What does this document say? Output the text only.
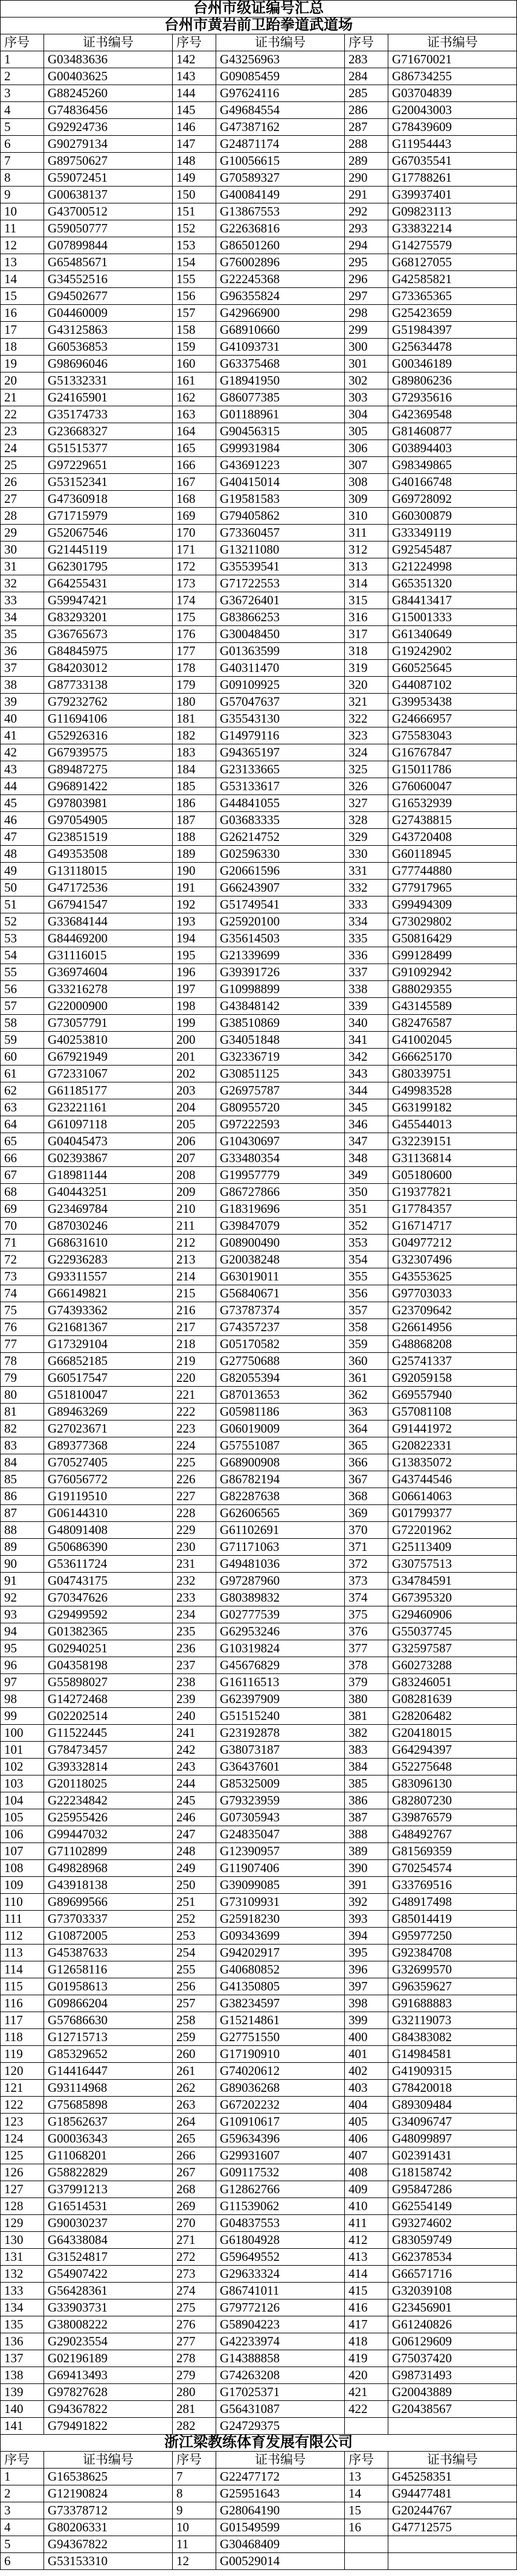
台州市级证编号汇总
台州市黄岩前卫跆拳道武道场
序号	证书编号	序号	证书编号	序号	证书编号
1	G03483636	142	G43256963	283	G71670021
2	G00403625	143	G09085459	284	G86734255
3	G88245260	144	G97624116	285	G03704839
4	G74836456	145	G49684554	286	G20043003
5	G92924736	146	G47387162	287	G78439609
6	G90279134	147	G24871174	288	G11954443
7	G89750627	148	G10056615	289	G67035541
8	G59072451	149	G70589327	290	G17788261
9	G00638137	150	G40084149	291	G39937401
10	G43700512	151	G13867553	292	G09823113
11	G59050777	152	G22636816	293	G33832214
12	G07899844	153	G86501260	294	G14275579
13	G65485671	154	G76002896	295	G68127055
14	G34552516	155	G22245368	296	G42585821
15	G94502677	156	G96355824	297	G73365365
16	G04460009	157	G42966900	298	G25423659
17	G43125863	158	G68910660	299	G51984397
18	G60536853	159	G41093731	300	G25634478
19	G98696046	160	G63375468	301	G00346189
20	G51332331	161	G18941950	302	G89806236
21	G24165901	162	G86077385	303	G72935616
22	G35174733	163	G01188961	304	G42369548
23	G23668327	164	G90456315	305	G81460877
24	G51515377	165	G99931984	306	G03894403
25	G97229651	166	G43691223	307	G98349865
26	G53152341	167	G40415014	308	G40166748
27	G47360918	168	G19581583	309	G69728092
28	G71715979	169	G79405862	310	G60300879
29	G52067546	170	G73360457	311	G33349119
30	G21445119	171	G13211080	312	G92545487
31	G62301795	172	G35539541	313	G21224998
32	G64255431	173	G71722553	314	G65351320
33	G59947421	174	G36726401	315	G84413417
34	G83293201	175	G83866253	316	G15001333
35	G36765673	176	G30048450	317	G61340649
36	G84845975	177	G01363599	318	G19242902
37	G84203012	178	G40311470	319	G60525645
38	G87733138	179	G09109925	320	G44087102
39	G79232762	180	G57047637	321	G39953438
40	G11694106	181	G35543130	322	G24666957
41	G52926316	182	G14979116	323	G75583043
42	G67939575	183	G94365197	324	G16767847
43	G89487275	184	G23133665	325	G15011786
44	G96891422	185	G53133617	326	G76060047
45	G97803981	186	G44841055	327	G16532939
46	G97054905	187	G03683335	328	G27438815
47	G23851519	188	G26214752	329	G43720408
48	G49353508	189	G02596330	330	G60118945
49	G13118015	190	G20661596	331	G77744880
50	G47172536	191	G66243907	332	G77917965
51	G67941547	192	G51749541	333	G99494309
52	G33684144	193	G25920100	334	G73029802
53	G84469200	194	G35614503	335	G50816429
54	G31116015	195	G21339699	336	G99128499
55	G36974604	196	G39391726	337	G91092942
56	G33216278	197	G10998899	338	G88029355
57	G22000900	198	G43848142	339	G43145589
58	G73057791	199	G38510869	340	G82476587
59	G40253810	200	G34051848	341	G41002045
60	G67921949	201	G32336719	342	G66625170
61	G72331067	202	G30851125	343	G80339751
62	G61185177	203	G26975787	344	G49983528
63	G23221161	204	G80955720	345	G63199182
64	G61097118	205	G97222593	346	G45544013
65	G04045473	206	G10430697	347	G32239151
66	G02393867	207	G33480354	348	G31136814
67	G18981144	208	G19957779	349	G05180600
68	G40443251	209	G86727866	350	G19377821
69	G23469784	210	G18319696	351	G17784357
70	G87030246	211	G39847079	352	G16714717
71	G68631610	212	G08900490	353	G04977212
72	G22936283	213	G20038248	354	G32307496
73	G93311557	214	G63019011	355	G43553625
74	G66149821	215	G56840671	356	G97703033
75	G74393362	216	G73787374	357	G23709642
76	G21681367	217	G74357237	358	G26614956
77	G17329104	218	G05170582	359	G48868208
78	G66852185	219	G27750688	360	G25741337
79	G60517547	220	G82055394	361	G92059158
80	G51810047	221	G87013653	362	G69557940
81	G89463269	222	G05981186	363	G57081108
82	G27023671	223	G06019009	364	G91441972
83	G89377368	224	G57551087	365	G20822331
84	G70527405	225	G68900908	366	G13835072
85	G76056772	226	G86782194	367	G43744546
86	G19119510	227	G82287638	368	G06614063
87	G06144310	228	G62606565	369	G01799377
88	G48091408	229	G61102691	370	G72201962
89	G50686390	230	G71171063	371	G25113409
90	G53611724	231	G49481036	372	G30757513
91	G04743175	232	G97287960	373	G34784591
92	G70347626	233	G80389832	374	G67395320
93	G29499592	234	G02777539	375	G29460906
94	G01382365	235	G62953246	376	G55037745
95	G02940251	236	G10319824	377	G32597587
96	G04358198	237	G45676829	378	G60273288
97	G55898027	238	G16116513	379	G83246051
98	G14272468	239	G62397909	380	G08281639
99	G02202514	240	G51515240	381	G28206482
100	G11522445	241	G23192878	382	G20418015
101	G78473457	242	G38073187	383	G64294397
102	G39332814	243	G36437601	384	G52275648
103	G20118025	244	G85325009	385	G83096130
104	G22234842	245	G79323959	386	G82807230
105	G25955426	246	G07305943	387	G39876579
106	G99447032	247	G24835047	388	G48492767
107	G71102899	248	G12390957	389	G81569359
108	G49828968	249	G11907406	390	G70254574
109	G43918138	250	G39099085	391	G33769516
110	G89699566	251	G73109931	392	G48917498
111	G73703337	252	G25918230	393	G85014419
112	G10872005	253	G09343699	394	G95977250
113	G45387633	254	G94202917	395	G92384708
114	G12658116	255	G40680852	396	G32699570
115	G01958613	256	G41350805	397	G96359627
116	G09866204	257	G38234597	398	G91688883
117	G57686630	258	G15214861	399	G32119073
118	G12715713	259	G27751550	400	G84383082
119	G85329652	260	G17190910	401	G14984581
120	G14416447	261	G74020612	402	G41909315
121	G93114968	262	G89036268	403	G78420018
122	G75685898	263	G67202232	404	G89309484
123	G18562637	264	G10910617	405	G34096747
124	G00036343	265	G59634396	406	G48099897
125	G11068201	266	G29931607	407	G02391431
126	G58822829	267	G09117532	408	G18158742
127	G37991213	268	G12862766	409	G95847286
128	G16514531	269	G11539062	410	G62554149
129	G90030237	270	G04837553	411	G93274602
130	G64338084	271	G61804928	412	G83059749
131	G31524817	272	G59649552	413	G62378534
132	G54907422	273	G29633324	414	G66571716
133	G56428361	274	G86741011	415	G32039108
134	G33903731	275	G79772126	416	G23456901
135	G38008222	276	G58904223	417	G61240826
136	G29023554	277	G42233974	418	G06129609
137	G02196189	278	G14388858	419	G75037420
138	G69413493	279	G74263208	420	G98731493
139	G97827628	280	G17025371	421	G20043889
140	G94367822	281	G56431087	422	G20438567
141	G79491822	282	G24729375
浙江梁教练体育发展有限公司
序号	证书编号	序号	证书编号	序号	证书编号
1	G16538625	7	G22477172	13	G45258351
2	G12190824	8	G25951643	14	G94477481
3	G73378712	9	G28064190	15	G20244767
4	G80206331	10	G01549599	16	G47712575
5	G94367822	11	G30468409
6	G53153310	12	G00529014
